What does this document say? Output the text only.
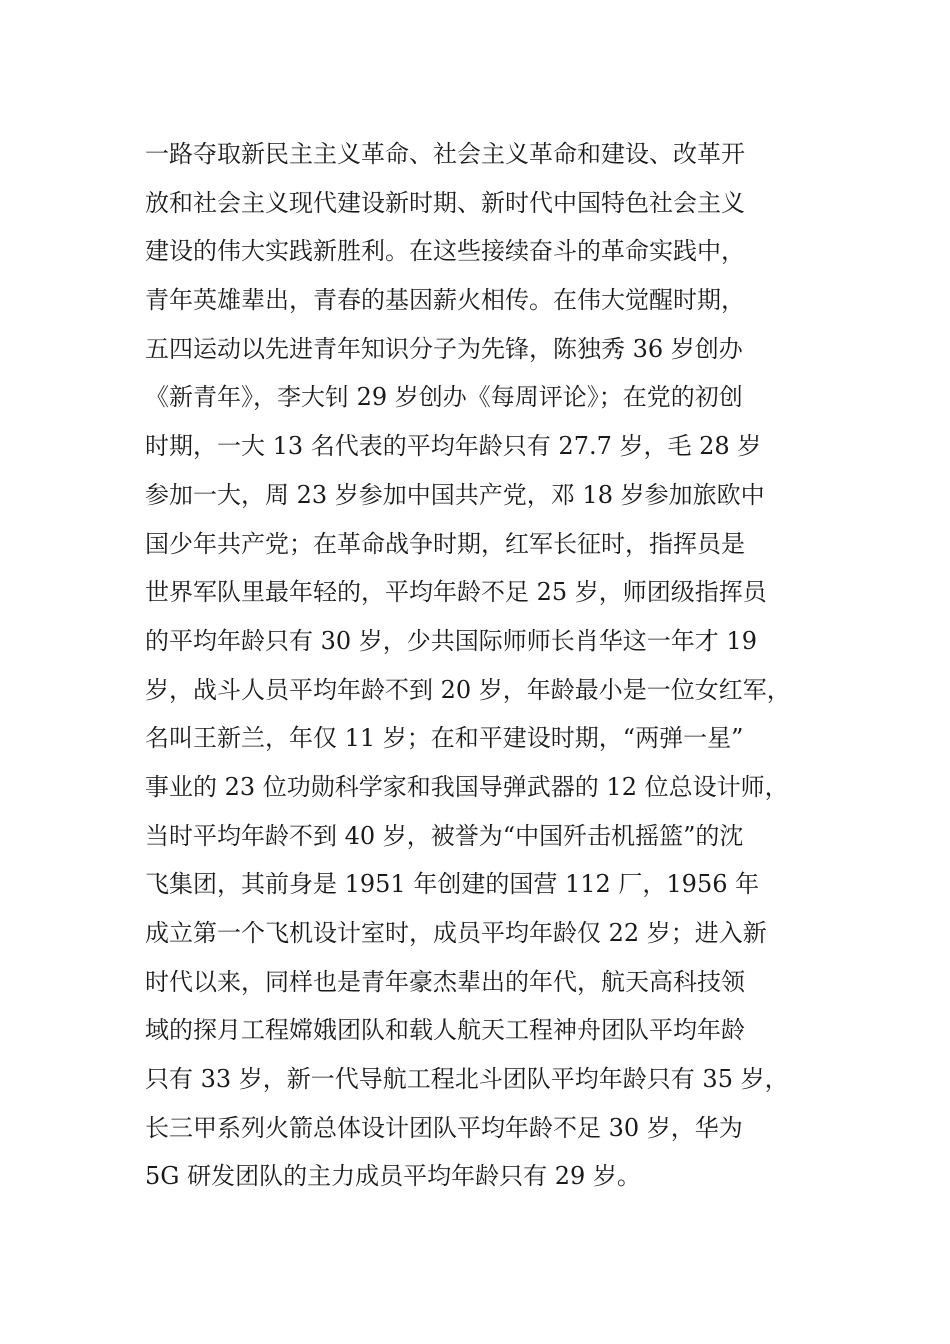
一路夺取新民主主义革命、社会主义革命和建设、改革开
放和社会主义现代建设新时期、新时代中国特色社会主义
建设的伟大实践新胜利。在这些接续奋斗的革命实践中，
青年英雄辈出，青春的基因薪火相传。在伟大觉醒时期，
五四运动以先进青年知识分子为先锋，陈独秀 36 岁创办
《新青年》，李大钊 29 岁创办《每周评论》；在党的初创
时期，一大 13 名代表的平均年龄只有 27.7 岁，毛 28 岁
参加一大，周 23 岁参加中国共产党，邓 18 岁参加旅欧中
国少年共产党；在革命战争时期，红军长征时，指挥员是
世界军队里最年轻的，平均年龄不足 25 岁，师团级指挥员
的平均年龄只有 30 岁，少共国际师师长肖华这一年才 19
岁，战斗人员平均年龄不到 20 岁，年龄最小是一位女红军，
名叫王新兰，年仅 11 岁；在和平建设时期，“两弹一星”
事业的 23 位功勋科学家和我国导弹武器的 12 位总设计师，
当时平均年龄不到 40 岁，被誉为“中国歼击机摇篮”的沈
飞集团，其前身是 1951 年创建的国营 112 厂，1956 年
成立第一个飞机设计室时，成员平均年龄仅 22 岁；进入新
时代以来，同样也是青年豪杰辈出的年代，航天高科技领
域的探月工程嫦娥团队和载人航天工程神舟团队平均年龄
只有 33 岁，新一代导航工程北斗团队平均年龄只有 35 岁，
长三甲系列火箭总体设计团队平均年龄不足 30 岁，华为
5G 研发团队的主力成员平均年龄只有 29 岁。
